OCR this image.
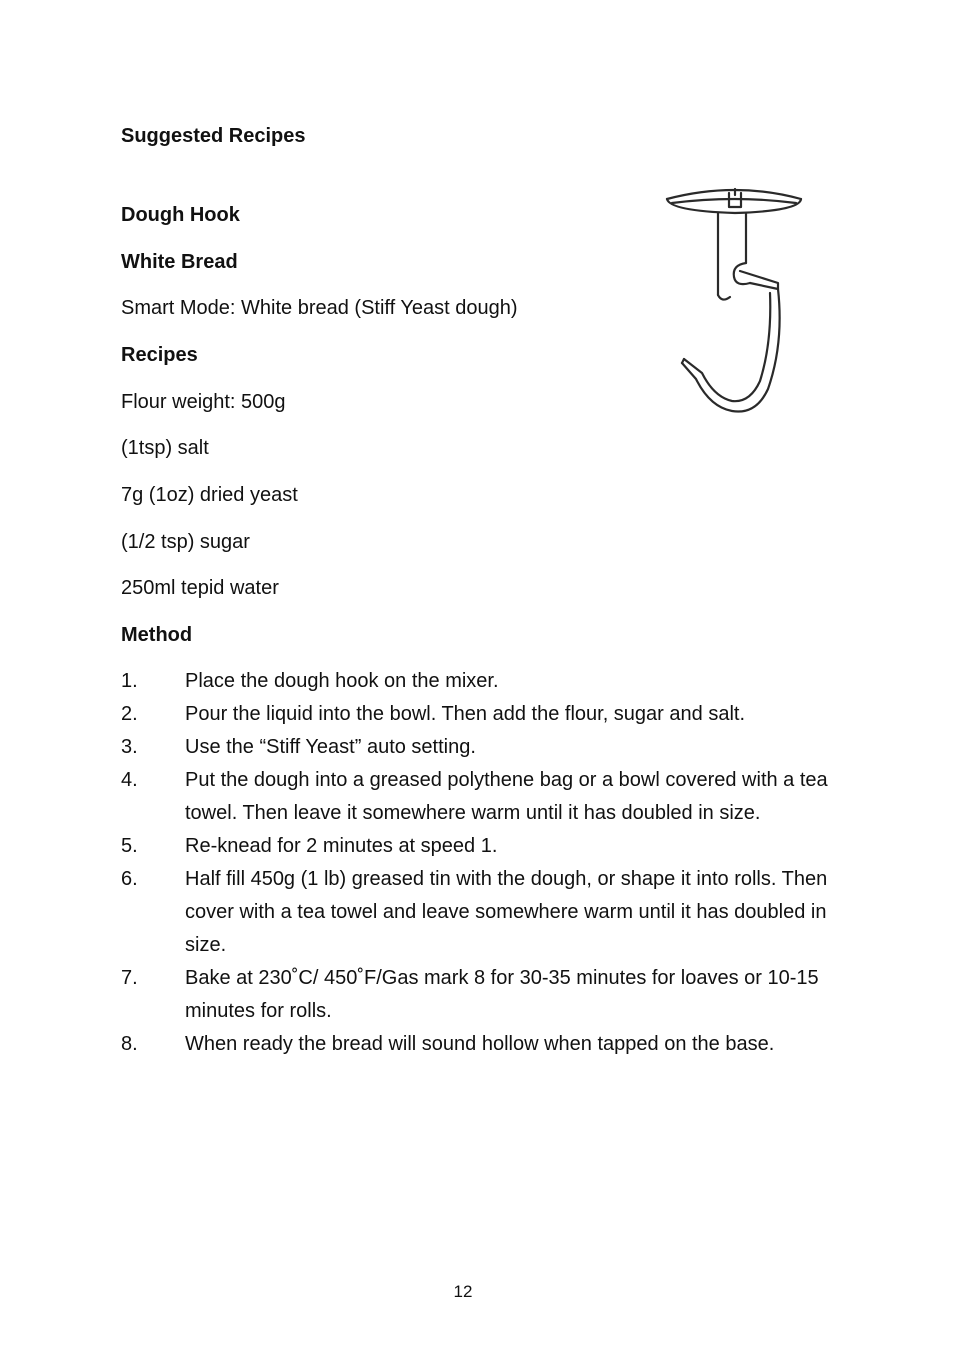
Suggested Recipes
Dough Hook
White Bread
Smart Mode: White bread (Stiff Yeast dough)
Recipes
Flour weight: 500g
(1tsp) salt
7g (1oz) dried yeast
(1/2 tsp) sugar
250ml tepid water
Method
1. Place the dough hook on the mixer.
2. Pour the liquid into the bowl. Then add the flour, sugar and salt.
3. Use the “Stiff Yeast” auto setting.
4. Put the dough into a greased polythene bag or a bowl covered with a tea towel. Then leave it somewhere warm until it has doubled in size.
5. Re-knead for 2 minutes at speed 1.
6. Half fill 450g (1 lb) greased tin with the dough, or shape it into rolls. Then cover with a tea towel and leave somewhere warm until it has doubled in size.
7. Bake at 230˚C/ 450˚F/Gas mark 8 for 30-35 minutes for loaves or 10-15 minutes for rolls.
8. When ready the bread will sound hollow when tapped on the base.
12
